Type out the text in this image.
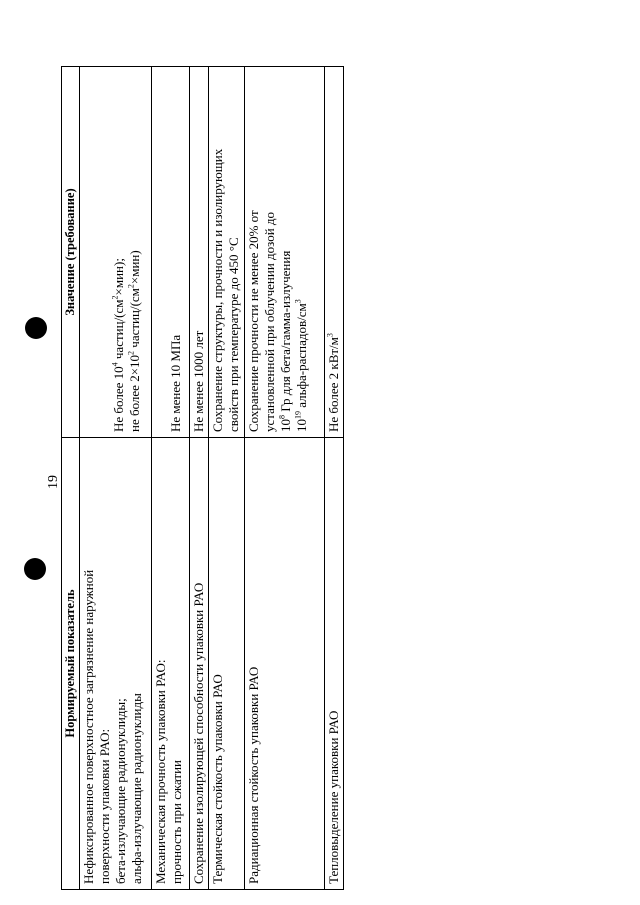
19
Нормируемый показатель	Значение (требование)

Нефиксированное поверхностное загрязнение наружной поверхности упаковки РАО: бета-излучающие радионуклиды; альфа-излучающие радионуклиды	Не более $10^4$ частиц/$(см^2\times мин)$;
не более $2\times 10^2$ частиц/$(см^2\times мин)$

Механическая прочность упаковки РАО: прочность при сжатии	Не менее 10 МПа

Сохранение изолирующей способности упаковки РАО	Не менее 1000 лет

Термическая стойкость упаковки РАО	Сохранение структуры, прочности и изолирующих свойств при температуре до 450 °С

Радиационная стойкость упаковки РАО	Сохранение прочности не менее 20% от установленной при облучении дозой до $10^8$ Гр для бета/гамма-излучения
$10^{19}$ альфа-$распадов/см^3$

Тепловыделение упаковки РАО	Не более 2 кВт/$м^3$
